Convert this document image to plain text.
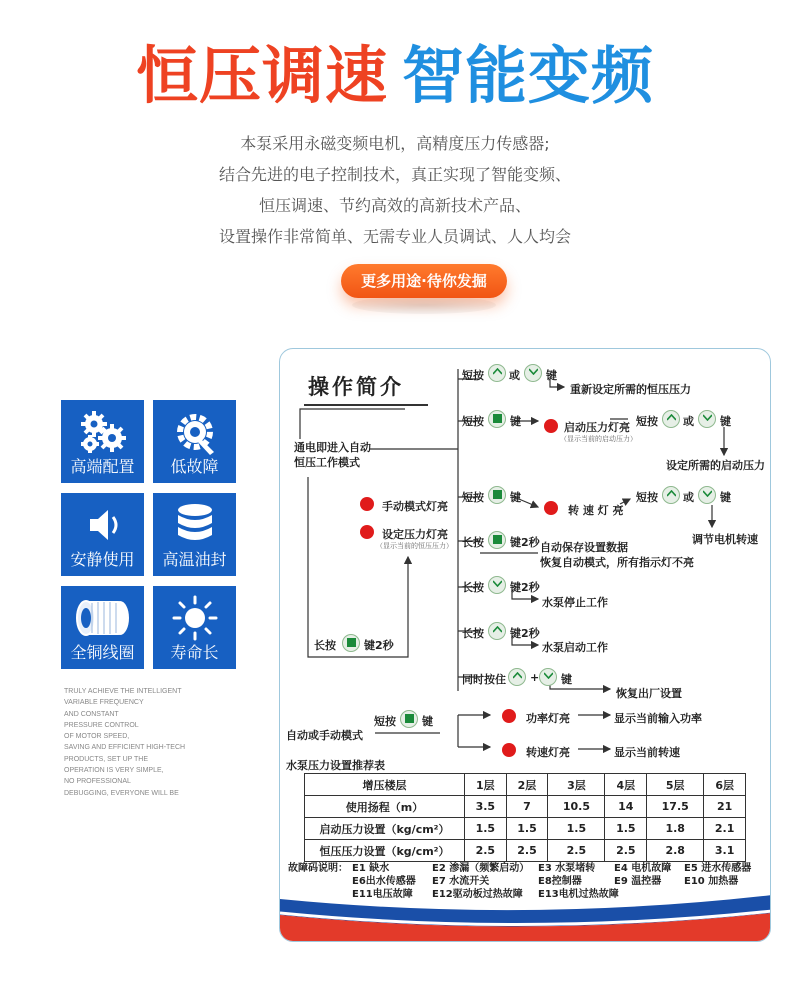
恒压调速 智能变频
本泵采用永磁变频电机，高精度压力传感器;
结合先进的电子控制技术，真正实现了智能变频、
恒压调速、节约高效的高新技术产品、
设置操作非常简单、无需专业人员调试、人人均会
更多用途·待你发掘
高端配置	低故障
安静使用	高温油封
全铜线圈	寿命长
TRULY ACHIEVE THE INTELLIGENT
VARIABLE FREQUENCY
AND CONSTANT
PRESSURE CONTROL
OF MOTOR SPEED,
SAVING AND EFFICIENT HIGH-TECH
PRODUCTS, SET UP THE
OPERATION IS VERY SIMPLE,
NO PROFESSIONAL
DEBUGGING, EVERYONE WILL BE
操作简介
通电即进入自动
恒压工作模式
手动模式灯亮
设定压力灯亮
（显示当前的恒压压力）
长按	键2秒
短按 或 键
重新设定所需的恒压压力
短按 键	启动压力灯亮
（显示当前的启动压力）
短按 或 键
设定所需的启动压力
短按 键
转 速 灯 亮
短按 或 键
调节电机转速
长按 键2秒 自动保存设置数据
恢复自动模式，所有指示灯不亮
长按 键2秒
水泵停止工作
长按 键2秒
水泵启动工作
同时按住 + 键
恢复出厂设置
短按 键
自动或手动模式
功率灯亮	显示当前输入功率
转速灯亮	显示当前转速
水泵压力设置推荐表
增压楼层	1层	2层	3层	4层	5层	6层
使用扬程（m）	3.5	7	10.5	14	17.5	21
启动压力设置（kg/cm²）	1.5	1.5	1.5	1.5	1.8	2.1
恒压压力设置（kg/cm²）	2.5	2.5	2.5	2.5	2.8	3.1
故障码说明： E1 缺水	E2 渗漏（频繁启动） E3 水泵堵转 E4 电机故障 E5 进水传感器
E6出水传感器 E7 水流开关	E8控制器	E9 温控器 E10 加热器
E11电压故障 E12驱动板过热故障 E13电机过热故障
